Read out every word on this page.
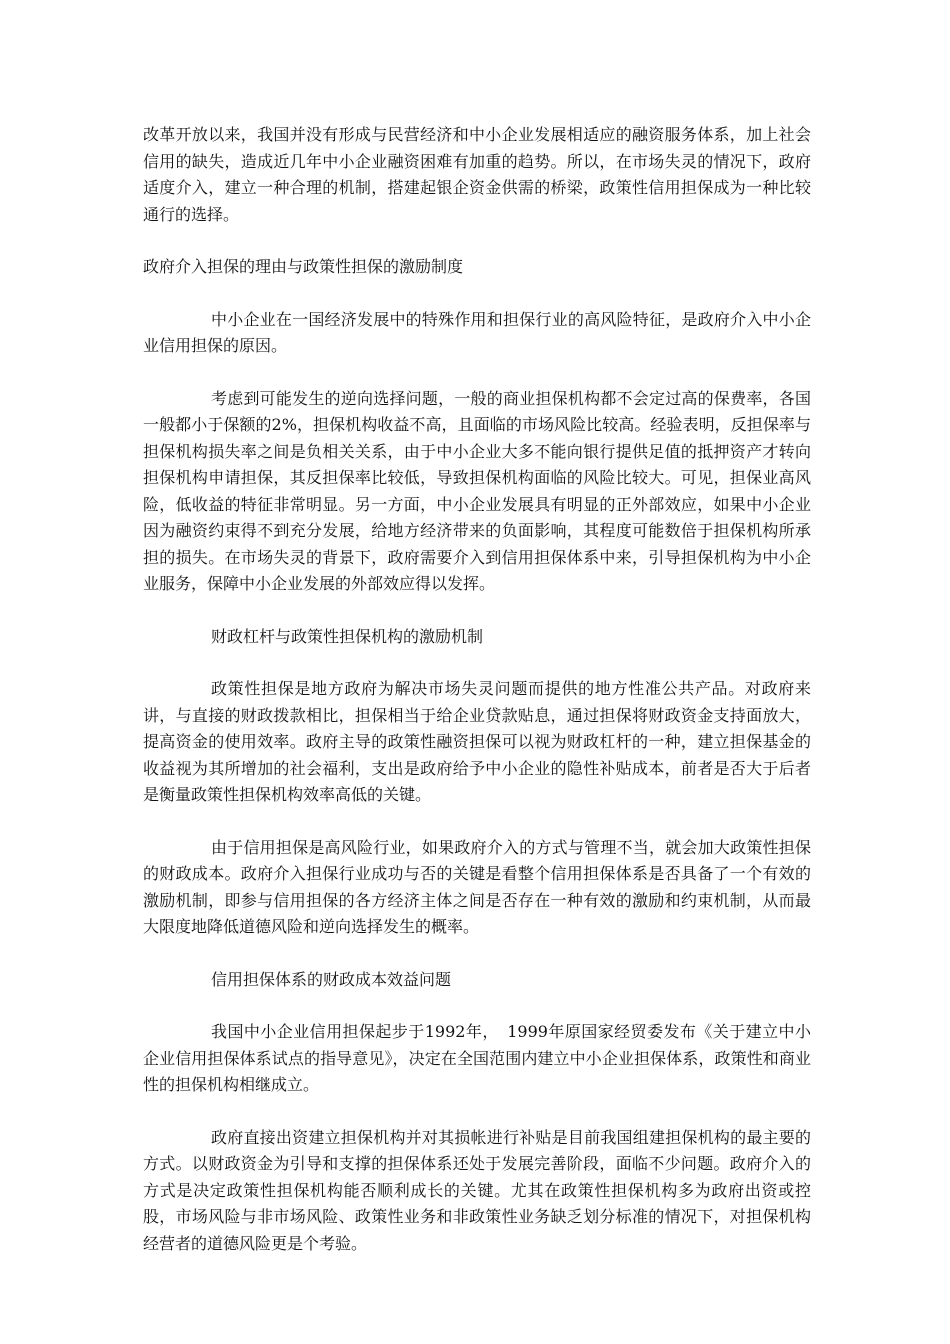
改革开放以来，我国并没有形成与民营经济和中小企业发展相适应的融资服务体系，加上社会信用的缺失，造成近几年中小企业融资困难有加重的趋势。所以，在市场失灵的情况下，政府适度介入，建立一种合理的机制，搭建起银企资金供需的桥梁，政策性信用担保成为一种比较通行的选择。

政府介入担保的理由与政策性担保的激励制度

中小企业在一国经济发展中的特殊作用和担保行业的高风险特征，是政府介入中小企业信用担保的原因。

考虑到可能发生的逆向选择问题，一般的商业担保机构都不会定过高的保费率，各国一般都小于保额的2%，担保机构收益不高，且面临的市场风险比较高。经验表明，反担保率与担保机构损失率之间是负相关关系，由于中小企业大多不能向银行提供足值的抵押资产才转向担保机构申请担保，其反担保率比较低，导致担保机构面临的风险比较大。可见，担保业高风险，低收益的特征非常明显。另一方面，中小企业发展具有明显的正外部效应，如果中小企业因为融资约束得不到充分发展，给地方经济带来的负面影响，其程度可能数倍于担保机构所承担的损失。在市场失灵的背景下，政府需要介入到信用担保体系中来，引导担保机构为中小企业服务，保障中小企业发展的外部效应得以发挥。

财政杠杆与政策性担保机构的激励机制

政策性担保是地方政府为解决市场失灵问题而提供的地方性准公共产品。对政府来讲，与直接的财政拨款相比，担保相当于给企业贷款贴息，通过担保将财政资金支持面放大，提高资金的使用效率。政府主导的政策性融资担保可以视为财政杠杆的一种，建立担保基金的收益视为其所增加的社会福利，支出是政府给予中小企业的隐性补贴成本，前者是否大于后者是衡量政策性担保机构效率高低的关键。

由于信用担保是高风险行业，如果政府介入的方式与管理不当，就会加大政策性担保的财政成本。政府介入担保行业成功与否的关键是看整个信用担保体系是否具备了一个有效的激励机制，即参与信用担保的各方经济主体之间是否存在一种有效的激励和约束机制，从而最大限度地降低道德风险和逆向选择发生的概率。

信用担保体系的财政成本效益问题

我国中小企业信用担保起步于1992年，　1999年原国家经贸委发布《关于建立中小企业信用担保体系试点的指导意见》，决定在全国范围内建立中小企业担保体系，政策性和商业性的担保机构相继成立。

政府直接出资建立担保机构并对其损帐进行补贴是目前我国组建担保机构的最主要的方式。以财政资金为引导和支撑的担保体系还处于发展完善阶段，面临不少问题。政府介入的方式是决定政策性担保机构能否顺利成长的关键。尤其在政策性担保机构多为政府出资或控股，市场风险与非市场风险、政策性业务和非政策性业务缺乏划分标准的情况下，对担保机构经营者的道德风险更是个考验。
